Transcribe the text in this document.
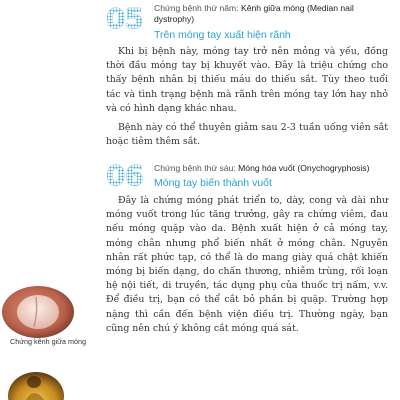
05 Chứng bệnh thứ năm: Kênh giữa móng (Median nail
dystrophy)
Trên móng tay xuất hiện rãnh

Khi bị bệnh này, móng tay trở nên mỏng và yếu, đồng thời đầu móng tay bị khuyết vào. Đây là triệu chứng cho thấy bệnh nhân bị thiếu máu do thiếu sắt. Tùy theo tuổi tác và tình trạng bệnh mà rãnh trên móng tay lớn hay nhỏ và có hình dạng khác nhau.

Bệnh này có thể thuyên giảm sau 2-3 tuần uống viên sắt hoặc tiêm thêm sắt.

06 Chứng bệnh thứ sáu: Móng hóa vuốt (Onychogryphosis)
Móng tay biến thành vuốt

Đây là chứng móng phát triển to, dày, cong và dài như móng vuốt trong lúc tăng trưởng, gây ra chứng viêm, đau nếu móng quặp vào da. Bệnh xuất hiện ở cả móng tay, móng chân nhưng phổ biến nhất ở móng chân. Nguyên nhân rất phức tạp, có thể là do mang giày quá chật khiến móng bị biến dạng, do chấn thương, nhiễm trùng, rối loạn hệ nội tiết, di truyền, tác dụng phụ của thuốc trị nấm, v.v. Để điều trị, bạn có thể cắt bỏ phần bị quặp. Trường hợp nặng thì cần đến bệnh viện điều trị. Thường ngày, bạn cũng nên chú ý không cắt móng quá sát.

Chứng kênh giữa móng
